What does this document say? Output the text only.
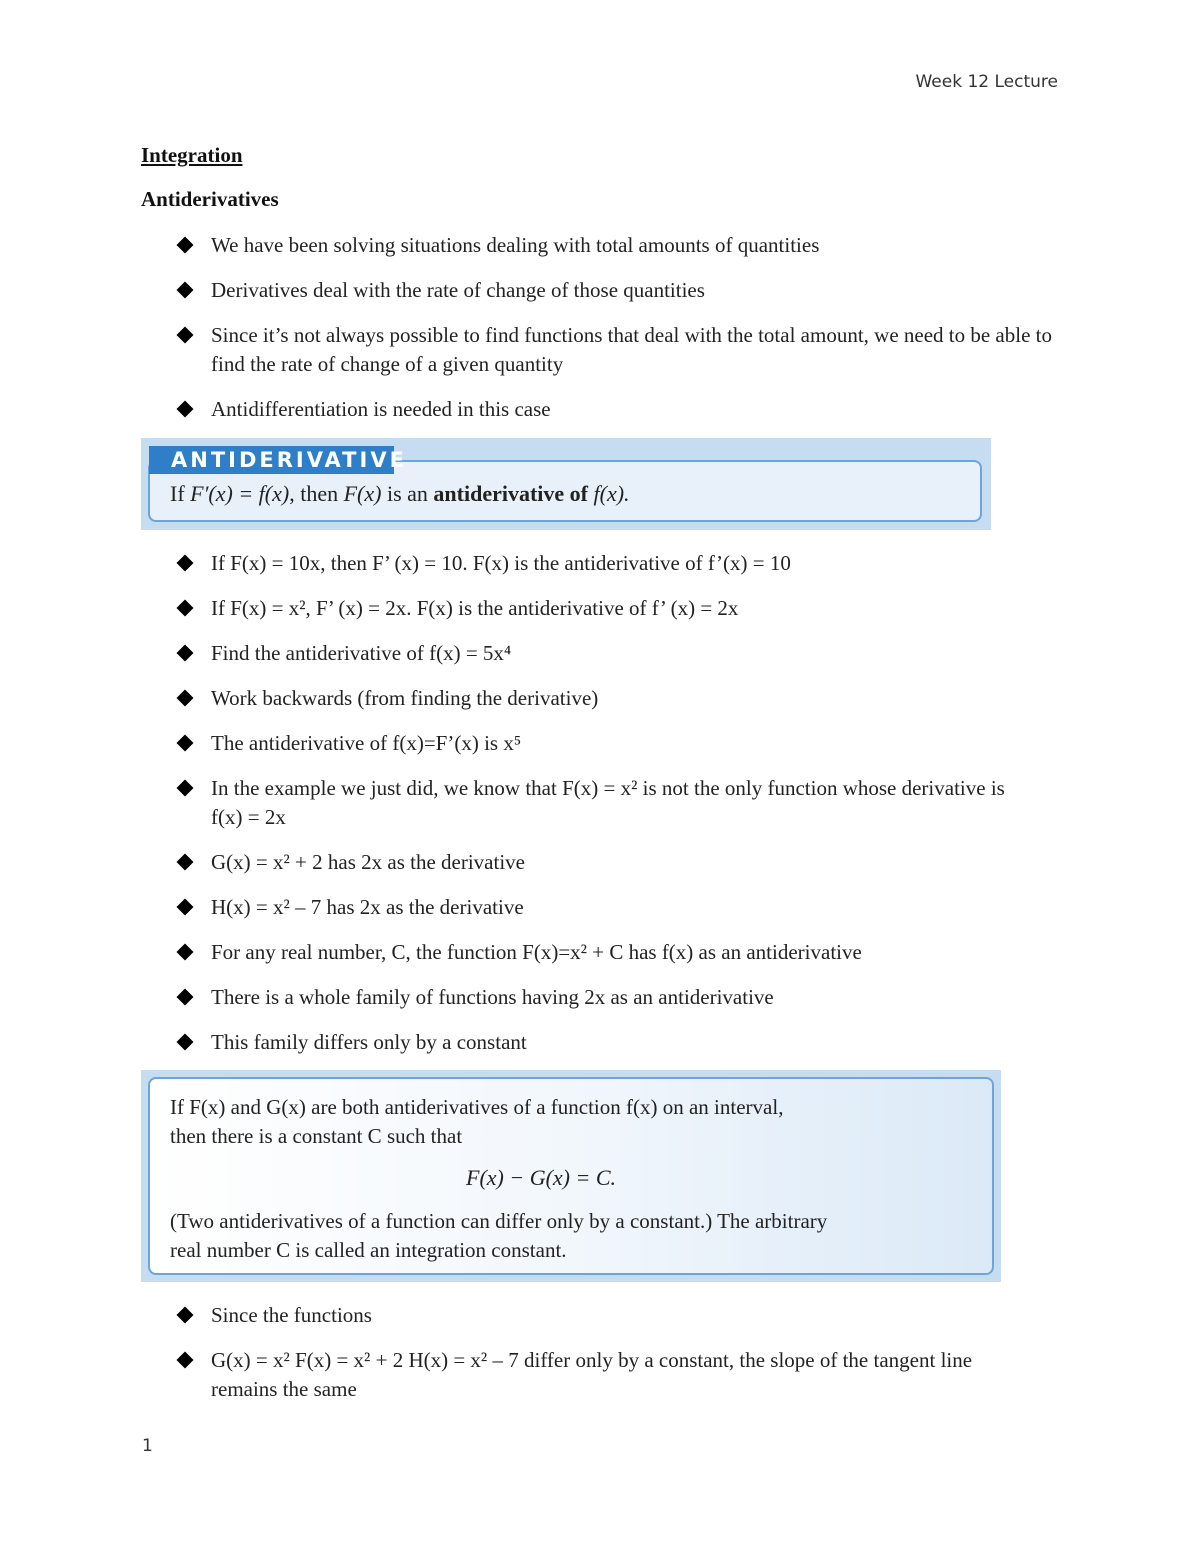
Week 12 Lecture
Integration
Antiderivatives
We have been solving situations dealing with total amounts of quantities
Derivatives deal with the rate of change of those quantities
Since it’s not always possible to find functions that deal with the total amount, we need to be able to find the rate of change of a given quantity
Antidifferentiation is needed in this case
ANTIDERIVATIVE
If F′(x) = f(x), then F(x) is an antiderivative of f(x).
If F(x) = 10x, then F’ (x) = 10. F(x) is the antiderivative of f’(x) = 10
If F(x) = x², F’ (x) = 2x. F(x) is the antiderivative of f’ (x) = 2x
Find the antiderivative of f(x) = 5x⁴
Work backwards (from finding the derivative)
The antiderivative of f(x)=F’(x) is x⁵
In the example we just did, we know that F(x) = x² is not the only function whose derivative is f(x) = 2x
G(x) = x² + 2 has 2x as the derivative
H(x) = x² – 7 has 2x as the derivative
For any real number, C, the function F(x)=x² + C has f(x) as an antiderivative
There is a whole family of functions having 2x as an antiderivative
This family differs only by a constant
If F(x) and G(x) are both antiderivatives of a function f(x) on an interval,
then there is a constant C such that
F(x) − G(x) = C.
(Two antiderivatives of a function can differ only by a constant.) The arbitrary
real number C is called an integration constant.
Since the functions
G(x) = x² F(x) = x² + 2 H(x) = x² – 7 differ only by a constant, the slope of the tangent line remains the same
1
